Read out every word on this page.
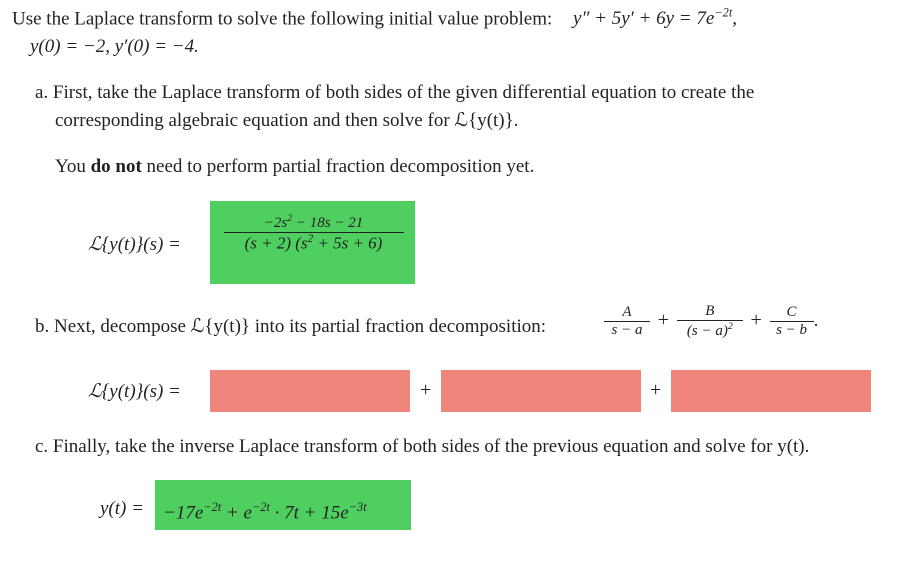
Use the Laplace transform to solve the following initial value problem: $y'' + 5y' + 6y = 7e^{-2t}$,
y(0) = −2, y′(0) = −4.
a. First, take the Laplace transform of both sides of the given differential equation to create the
corresponding algebraic equation and then solve for ℒ{y(t)}.
You do not need to perform partial fraction decomposition yet.
ℒ{y(t)}(s) =	$\frac{-2s^2 - 18s - 21}{(s + 2) (s^2 + 5s + 6)}$
b. Next, decompose ℒ{y(t)} into its partial fraction decomposition:	$\frac{A}{s - a} + \frac{B}{(s - a)^2} + \frac{C}{s - b}$ .
ℒ{y(t)}(s) =	+	+
c. Finally, take the inverse Laplace transform of both sides of the previous equation and solve for y(t).
y(t) =	$-17e^{-2t} + e^{-2t} \cdot 7t + 15e^{-3t}$
